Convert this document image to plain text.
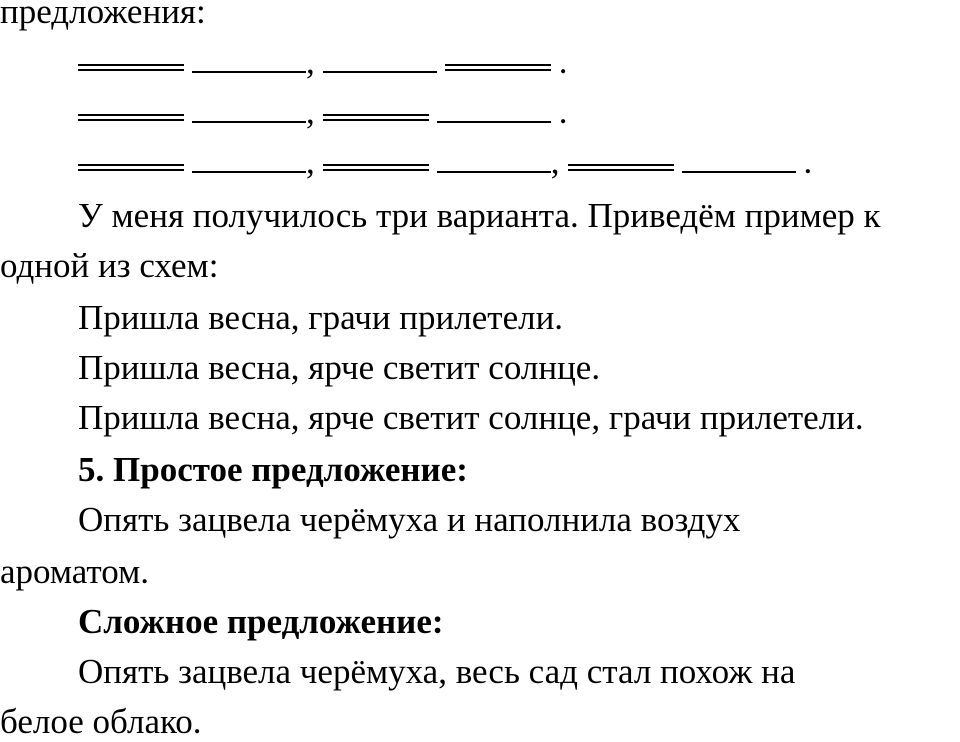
предложения:
,	.
,	.
,	,	.
У меня получилось три варианта. Приведём пример к
одной из схем:
Пришла весна, грачи прилетели.
Пришла весна, ярче светит солнце.
Пришла весна, ярче светит солнце, грачи прилетели.
5. Простое предложение:
Опять зацвела черёмуха и наполнила воздух
ароматом.
Сложное предложение:
Опять зацвела черёмуха, весь сад стал похож на
белое облако.
